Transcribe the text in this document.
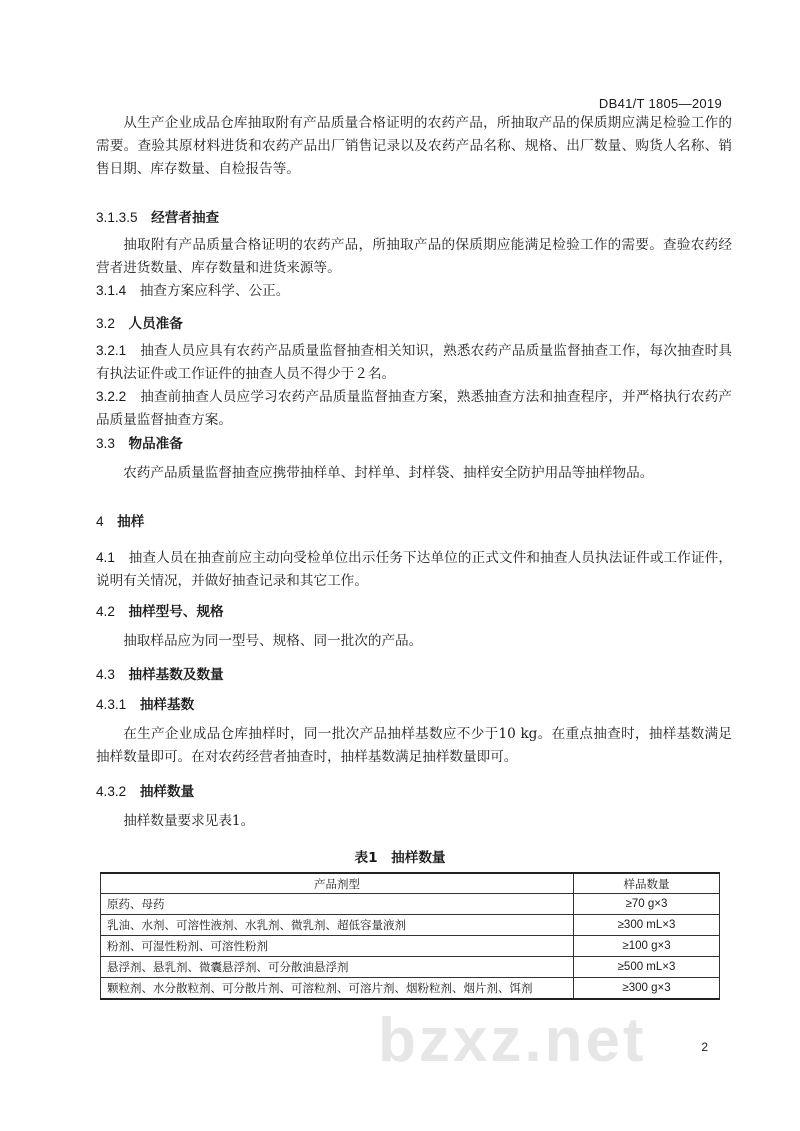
DB41/T 1805—2019

从生产企业成品仓库抽取附有产品质量合格证明的农药产品，所抽取产品的保质期应满足检验工作的需要。查验其原材料进货和农药产品出厂销售记录以及农药产品名称、规格、出厂数量、购货人名称、销售日期、库存数量、自检报告等。

3.1.3.5　 经营者抽查

抽取附有产品质量合格证明的农药产品，所抽取产品的保质期应能满足检验工作的需要。查验农药经营者进货数量、库存数量和进货来源等。

3.1.4　 抽查方案应科学、公正。
3.2　 人员准备
3.2.1　 抽查人员应具有农药产品质量监督抽查相关知识，熟悉农药产品质量监督抽查工作，每次抽查时具有执法证件或工作证件的抽查人员不得少于２名。
3.2.2　 抽查前抽查人员应学习农药产品质量监督抽查方案，熟悉抽查方法和抽查程序，并严格执行农药产品质量监督抽查方案。
3.3　 物品准备

农药产品质量监督抽查应携带抽样单、封样单、封样袋、抽样安全防护用品等抽样物品。

4　 抽样
4.1　 抽查人员在抽查前应主动向受检单位出示任务下达单位的正式文件和抽查人员执法证件或工作证件，说明有关情况，并做好抽查记录和其它工作。
4.2　 抽样型号、规格

抽取样品应为同一型号、规格、同一批次的产品。

4.3　 抽样基数及数量
4.3.1　 抽样基数

在生产企业成品仓库抽样时，同一批次产品抽样基数应不少于10 kg。在重点抽查时，抽样基数满足抽样数量即可。在对农药经营者抽查时，抽样基数满足抽样数量即可。

4.3.2　 抽样数量

抽样数量要求见表1。

表1　抽样数量
产品剂型	样品数量
原药、母药	≥70 g×3
乳油、水剂、可溶性液剂、水乳剂、微乳剂、超低容量液剂	≥300 mL×3
粉剂、可湿性粉剂、可溶性粉剂	≥100 g×3
悬浮剂、悬乳剂、微囊悬浮剂、可分散油悬浮剂	≥500 mL×3
颗粒剂、水分散粒剂、可分散片剂、可溶粒剂、可溶片剂、烟粉粒剂、烟片剂、饵剂	≥300 g×3
bzxz.net	2
